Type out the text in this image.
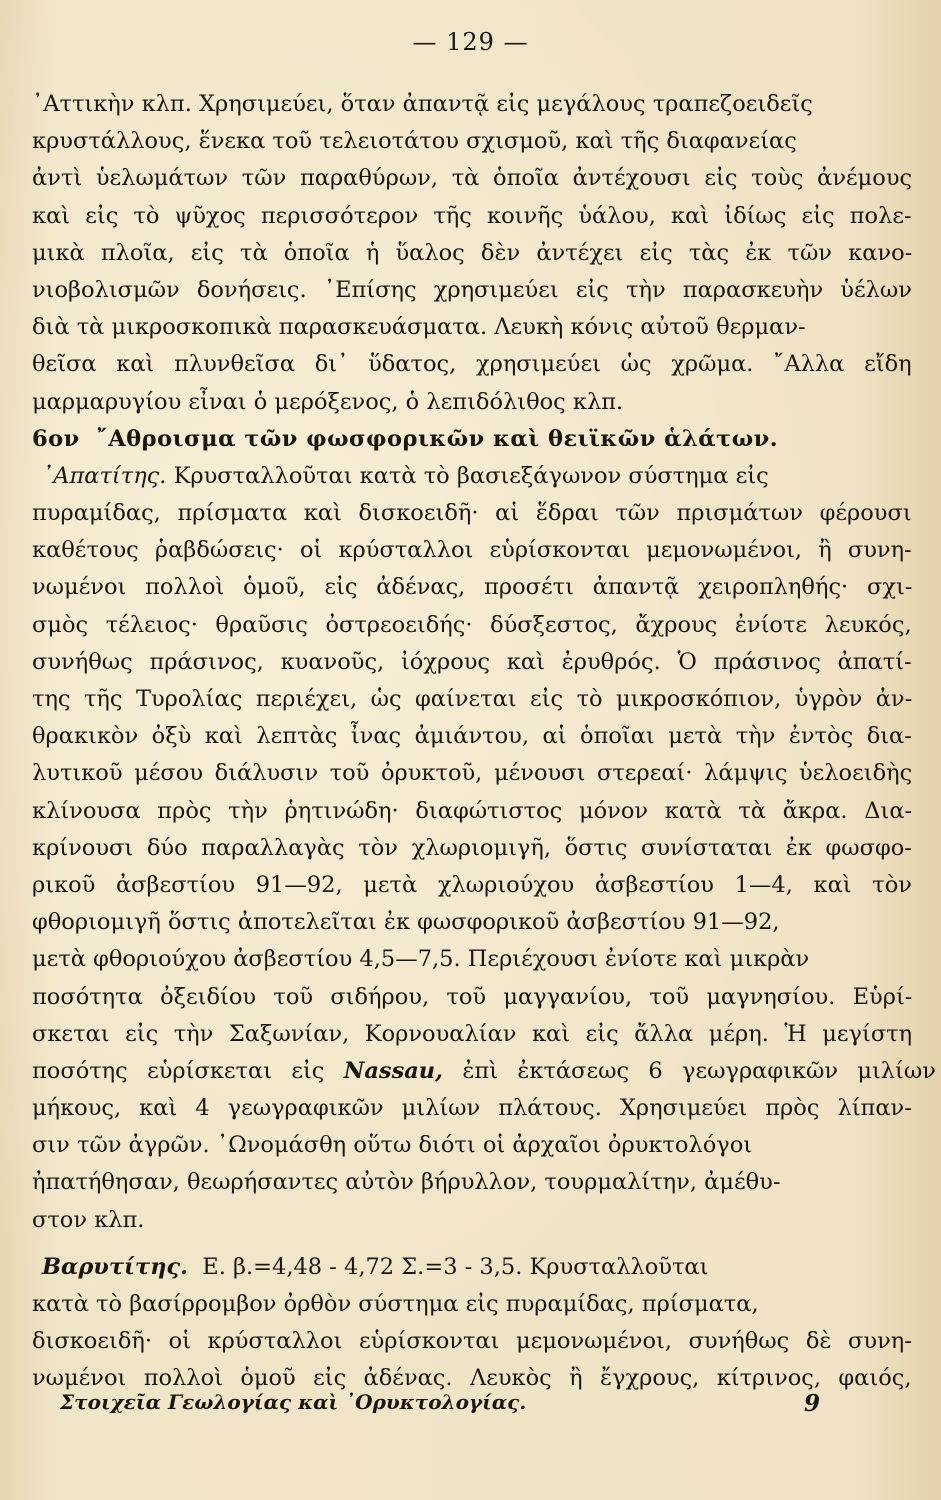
— 129 —
᾿Αττικὴν κλπ. Χρησιμεύει, ὅταν ἀπαντᾷ εἰς μεγάλους τραπεζοειδεῖς
κρυστάλλους, ἕνεκα τοῦ τελειοτάτου σχισμοῦ, καὶ τῆς διαφανείας
ἀντὶ ὑελωμάτων τῶν παραθύρων, τὰ ὁποῖα ἀντέχουσι εἰς τοὺς ἀνέμους
καὶ εἰς τὸ ψῦχος περισσότερον τῆς κοινῆς ὑάλου, καὶ ἰδίως εἰς πολε-
μικὰ πλοῖα, εἰς τὰ ὁποῖα ἡ ὕαλος δὲν ἀντέχει εἰς τὰς ἐκ τῶν κανο-
νιοβολισμῶν δονήσεις. ᾿Επίσης χρησιμεύει εἰς τὴν παρασκευὴν ὑέλων
διὰ τὰ μικροσκοπικὰ παρασκευάσματα. Λευκὴ κόνις αὐτοῦ θερμαν-
θεῖσα καὶ πλυνθεῖσα δι᾿ ὕδατος, χρησιμεύει ὡς χρῶμα. ῎Αλλα εἴδη
μαρμαρυγίου εἶναι ὁ μερόξενος, ὁ λεπιδόλιθος κλπ.
6ον
῎Αθροισμα τῶν φωσφορικῶν καὶ θειϊκῶν ἁλάτων.
᾿Απατίτης. Κρυσταλλοῦται κατὰ τὸ βασιεξάγωνον σύστημα εἰς
πυραμίδας, πρίσματα καὶ δισκοειδῆ· αἱ ἕδραι τῶν πρισμάτων φέρουσι
καθέτους ῥαβδώσεις· οἱ κρύσταλλοι εὑρίσκονται μεμονωμένοι, ἢ συνη-
νωμένοι πολλοὶ ὁμοῦ, εἰς ἀδένας, προσέτι ἀπαντᾷ χειροπληθής· σχι-
σμὸς τέλειος· θραῦσις ὀστρεοειδής· δύσξεστος, ἄχρους ἐνίοτε λευκός,
συνήθως πράσινος, κυανοῦς, ἰόχρους καὶ ἐρυθρός. Ὁ πράσινος ἀπατί-
της τῆς Τυρολίας περιέχει, ὡς φαίνεται εἰς τὸ μικροσκόπιον, ὑγρὸν ἀν-
θρακικὸν ὀξὺ καὶ λεπτὰς ἶνας ἀμιάντου, αἱ ὁποῖαι μετὰ τὴν ἐντὸς δια-
λυτικοῦ μέσου διάλυσιν τοῦ ὀρυκτοῦ, μένουσι στερεαί· λάμψις ὑελοειδὴς
κλίνουσα πρὸς τὴν ῥητινώδη· διαφώτιστος μόνον κατὰ τὰ ἄκρα. Δια-
κρίνουσι δύο παραλλαγὰς τὸν χλωριομιγῆ, ὅστις συνίσταται ἐκ φωσφο-
ρικοῦ ἀσβεστίου 91—92, μετὰ χλωριούχου ἀσβεστίου 1—4, καὶ τὸν
φθοριομιγῆ ὅστις ἀποτελεῖται ἐκ φωσφορικοῦ ἀσβεστίου 91—92,
μετὰ φθοριούχου ἀσβεστίου 4,5—7,5. Περιέχουσι ἐνίοτε καὶ μικρὰν
ποσότητα ὀξειδίου τοῦ σιδήρου, τοῦ μαγγανίου, τοῦ μαγνησίου. Εὑρί-
σκεται εἰς τὴν Σαξωνίαν, Κορνουαλίαν καὶ εἰς ἄλλα μέρη. Ἡ μεγίστη
ποσότης εὑρίσκεται εἰς Nassau, ἐπὶ ἐκτάσεως 6 γεωγραφικῶν μιλίων
μήκους, καὶ 4 γεωγραφικῶν μιλίων πλάτους. Χρησιμεύει πρὸς λίπαν-
σιν τῶν ἀγρῶν. ᾿Ωνομάσθη οὕτω διότι οἱ ἀρχαῖοι ὀρυκτολόγοι
ἠπατήθησαν, θεωρήσαντες αὐτὸν βήρυλλον, τουρμαλίτην, ἀμέθυ-
στον κλπ.
Βαρυτίτης. Ε. β.=4,48 - 4,72 Σ.=3 - 3,5. Κρυσταλλοῦται
κατὰ τὸ βασίρρομβον ὀρθὸν σύστημα εἰς πυραμίδας, πρίσματα,
δισκοειδῆ· οἱ κρύσταλλοι εὑρίσκονται μεμονωμένοι, συνήθως δὲ συνη-
νωμένοι πολλοὶ ὁμοῦ εἰς ἀδένας. Λευκὸς ἢ ἔγχρους, κίτρινος, φαιός,
Στοιχεῖα Γεωλογίας καὶ ᾿Ορυκτολογίας.	9
